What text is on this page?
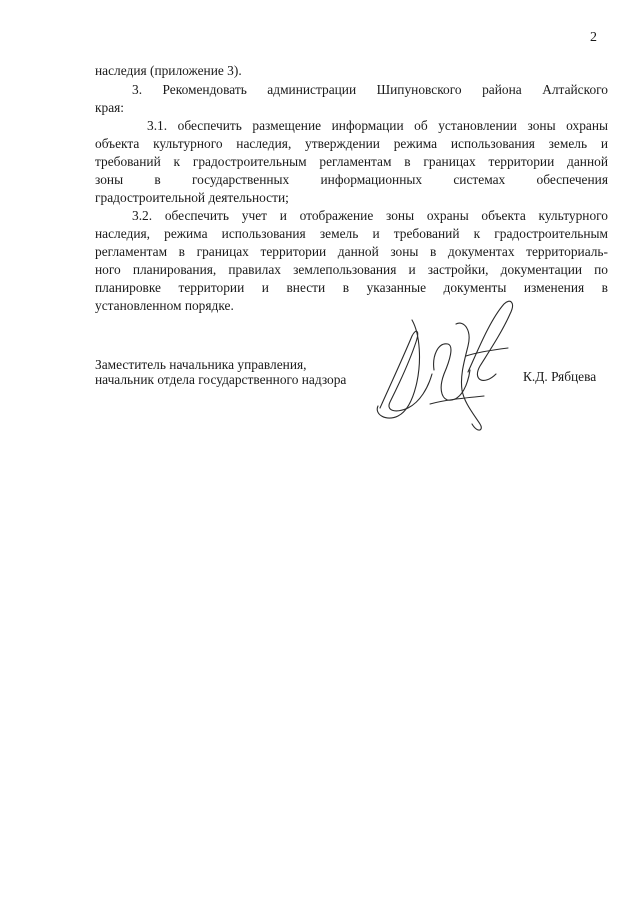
2
наследия (приложение 3).
3. Рекомендовать администрации Шипуновского района Алтайского
края:
3.1. обеспечить размещение информации об установлении зоны охраны
объекта культурного наследия, утверждении режима использования земель и
требований к градостроительным регламентам в границах территории данной
зоны в государственных информационных системах обеспечения
градостроительной деятельности;
3.2. обеспечить учет и отображение зоны охраны объекта культурного
наследия, режима использования земель и требований к градостроительным
регламентам в границах территории данной зоны в документах территориаль-
ного планирования, правилах землепользования и застройки, документации по
планировке территории и внести в указанные документы изменения в
установленном порядке.
Заместитель начальника управления,
начальник отдела государственного надзора	К.Д. Рябцева
